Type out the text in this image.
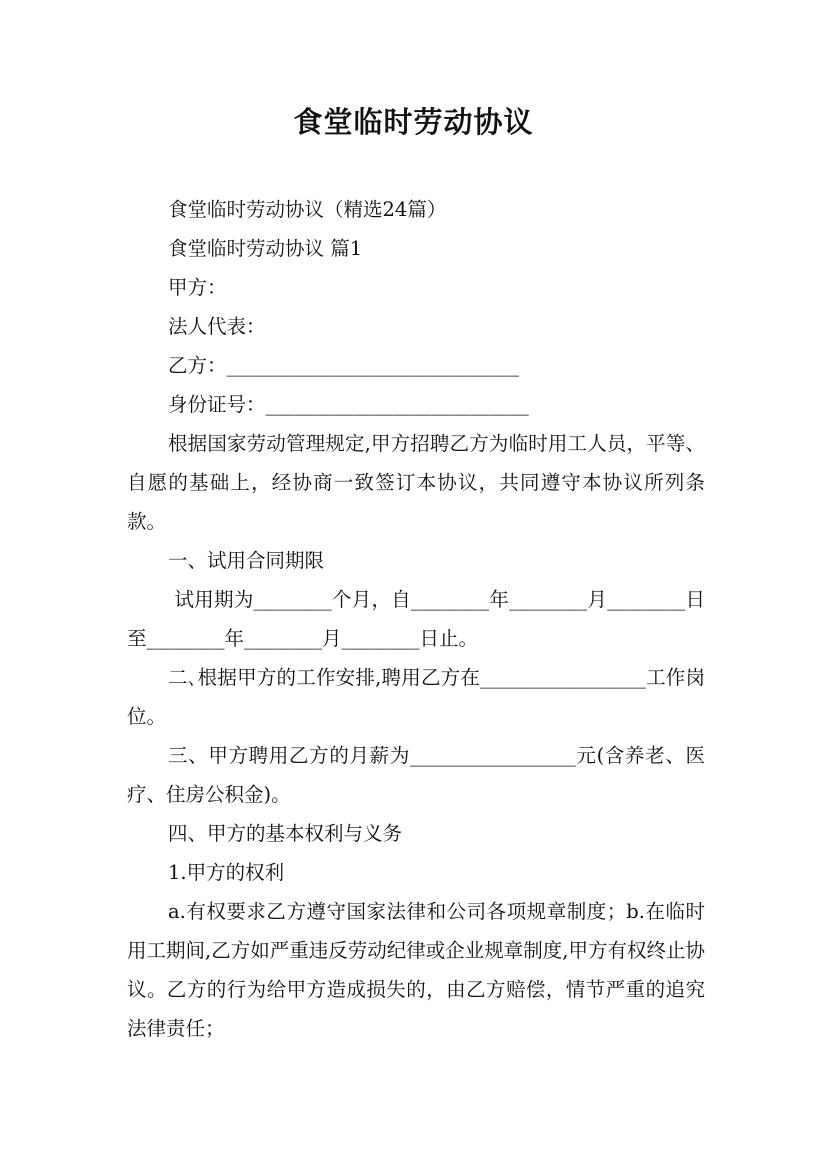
食堂临时劳动协议

食堂临时劳动协议（精选24篇）

食堂临时劳动协议 篇1

甲方：

法人代表：

乙方：______________________________

身份证号：___________________________

根据国家劳动管理规定,甲方招聘乙方为临时用工人员，平等、自愿的基础上，经协商一致签订本协议，共同遵守本协议所列条款。

一、试用合同期限

试用期为________个月，自________年________月________日至________年________月________日止。

二､根据甲方的工作安排,聘用乙方在_________________工作岗位。

三、甲方聘用乙方的月薪为_________________元(含养老、医疗、住房公积金)。

四、甲方的基本权利与义务

1.甲方的权利

a.有权要求乙方遵守国家法律和公司各项规章制度；b.在临时用工期间,乙方如严重违反劳动纪律或企业规章制度,甲方有权终止协议。乙方的行为给甲方造成损失的，由乙方赔偿，情节严重的追究法律责任；
